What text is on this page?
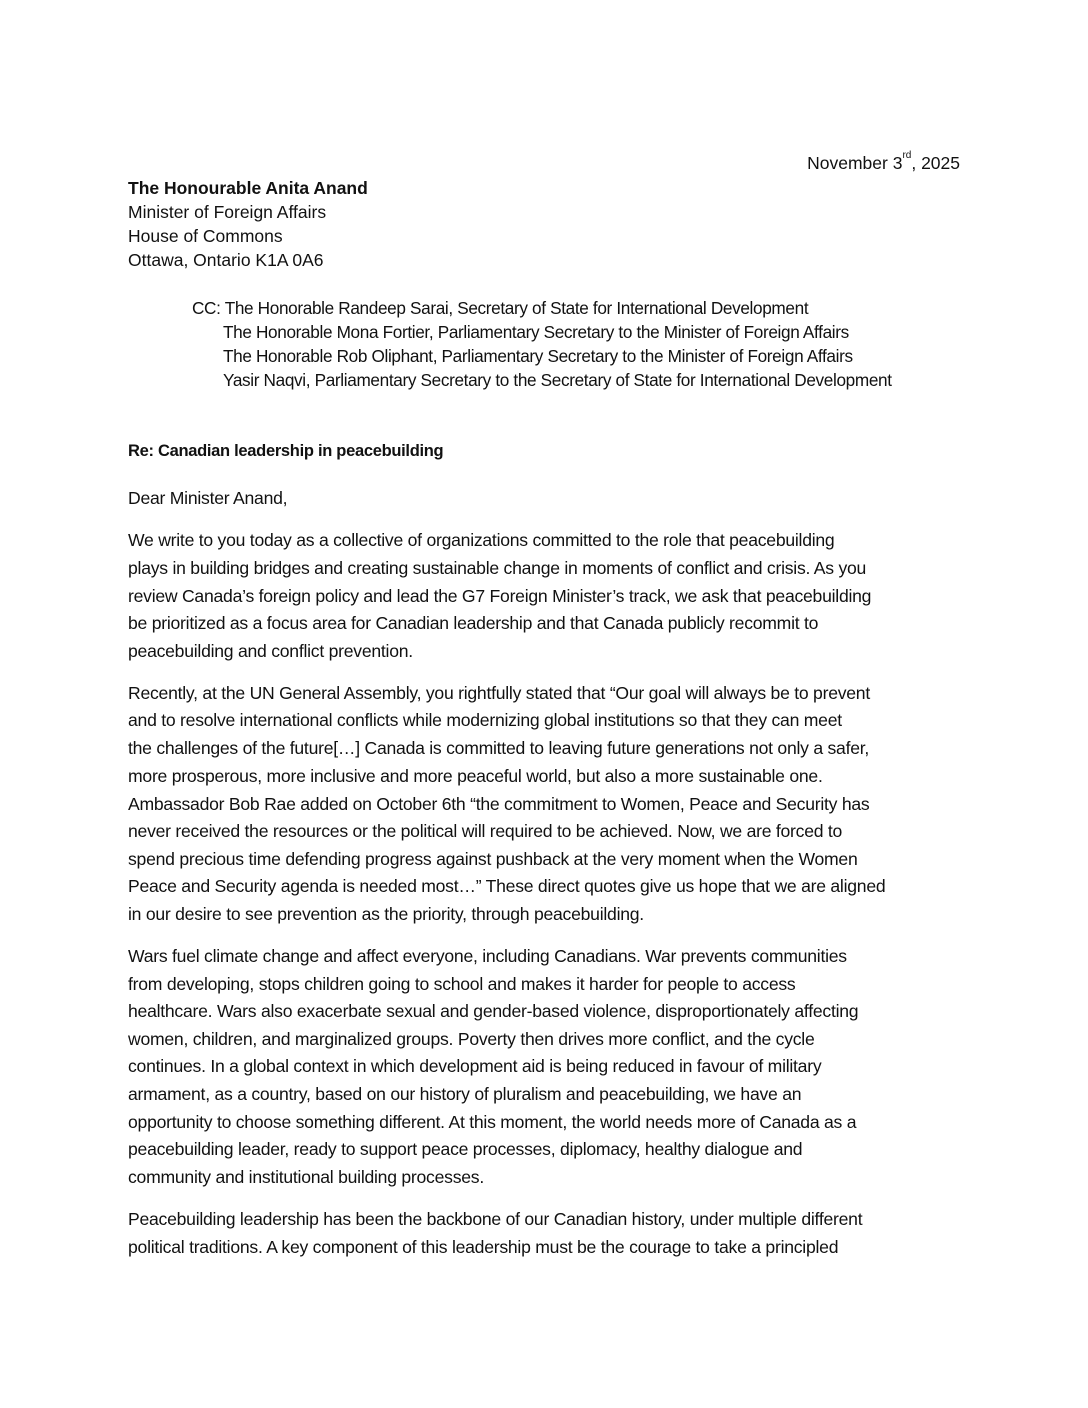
November 3rd, 2025
The Honourable Anita Anand
Minister of Foreign Affairs
House of Commons
Ottawa, Ontario K1A 0A6
CC: The Honorable Randeep Sarai, Secretary of State for International Development
The Honorable Mona Fortier, Parliamentary Secretary to the Minister of Foreign Affairs
The Honorable Rob Oliphant, Parliamentary Secretary to the Minister of Foreign Affairs
Yasir Naqvi, Parliamentary Secretary to the Secretary of State for International Development
Re: Canadian leadership in peacebuilding
Dear Minister Anand,
We write to you today as a collective of organizations committed to the role that peacebuilding
plays in building bridges and creating sustainable change in moments of conflict and crisis. As you
review Canada’s foreign policy and lead the G7 Foreign Minister’s track, we ask that peacebuilding
be prioritized as a focus area for Canadian leadership and that Canada publicly recommit to
peacebuilding and conflict prevention.
Recently, at the UN General Assembly, you rightfully stated that “Our goal will always be to prevent
and to resolve international conflicts while modernizing global institutions so that they can meet
the challenges of the future[…] Canada is committed to leaving future generations not only a safer,
more prosperous, more inclusive and more peaceful world, but also a more sustainable one.
Ambassador Bob Rae added on October 6th “the commitment to Women, Peace and Security has
never received the resources or the political will required to be achieved. Now, we are forced to
spend precious time defending progress against pushback at the very moment when the Women
Peace and Security agenda is needed most…” These direct quotes give us hope that we are aligned
in our desire to see prevention as the priority, through peacebuilding.
Wars fuel climate change and affect everyone, including Canadians. War prevents communities
from developing, stops children going to school and makes it harder for people to access
healthcare. Wars also exacerbate sexual and gender-based violence, disproportionately affecting
women, children, and marginalized groups. Poverty then drives more conflict, and the cycle
continues. In a global context in which development aid is being reduced in favour of military
armament, as a country, based on our history of pluralism and peacebuilding, we have an
opportunity to choose something different. At this moment, the world needs more of Canada as a
peacebuilding leader, ready to support peace processes, diplomacy, healthy dialogue and
community and institutional building processes.
Peacebuilding leadership has been the backbone of our Canadian history, under multiple different
political traditions. A key component of this leadership must be the courage to take a principled
